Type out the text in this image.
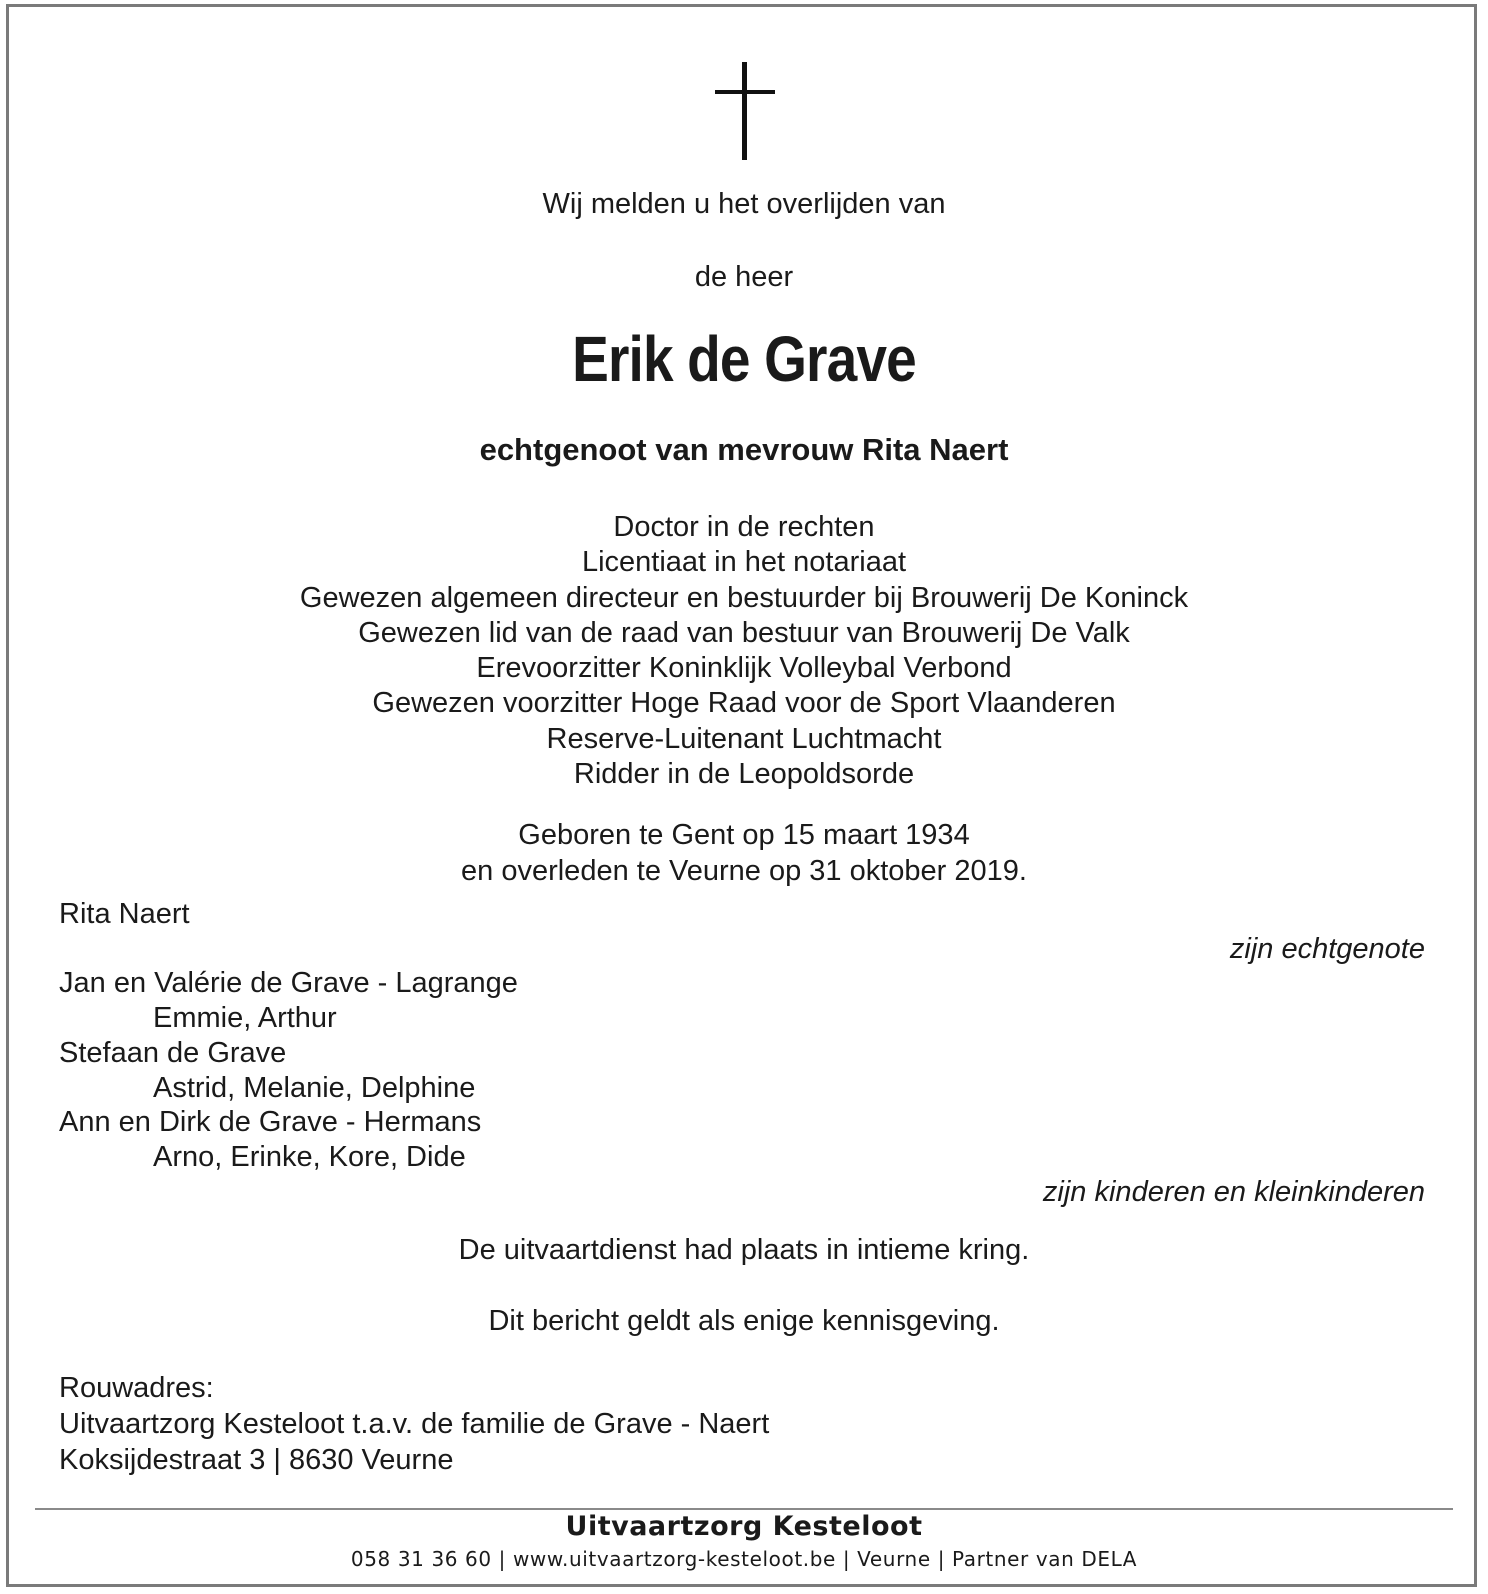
Wij melden u het overlijden van
de heer
Erik de Grave
echtgenoot van mevrouw Rita Naert
Doctor in de rechten
Licentiaat in het notariaat
Gewezen algemeen directeur en bestuurder bij Brouwerij De Koninck
Gewezen lid van de raad van bestuur van Brouwerij De Valk
Erevoorzitter Koninklijk Volleybal Verbond
Gewezen voorzitter Hoge Raad voor de Sport Vlaanderen
Reserve-Luitenant Luchtmacht
Ridder in de Leopoldsorde
Geboren te Gent op 15 maart 1934
en overleden te Veurne op 31 oktober 2019.
Rita Naert
zijn echtgenote
Jan en Valérie de Grave - Lagrange
Emmie, Arthur
Stefaan de Grave
Astrid, Melanie, Delphine
Ann en Dirk de Grave - Hermans
Arno, Erinke, Kore, Dide
zijn kinderen en kleinkinderen
De uitvaartdienst had plaats in intieme kring.
Dit bericht geldt als enige kennisgeving.
Rouwadres:
Uitvaartzorg Kesteloot t.a.v. de familie de Grave - Naert
Koksijdestraat 3 | 8630 Veurne
Uitvaartzorg Kesteloot
058 31 36 60 | www.uitvaartzorg-kesteloot.be | Veurne | Partner van DELA
